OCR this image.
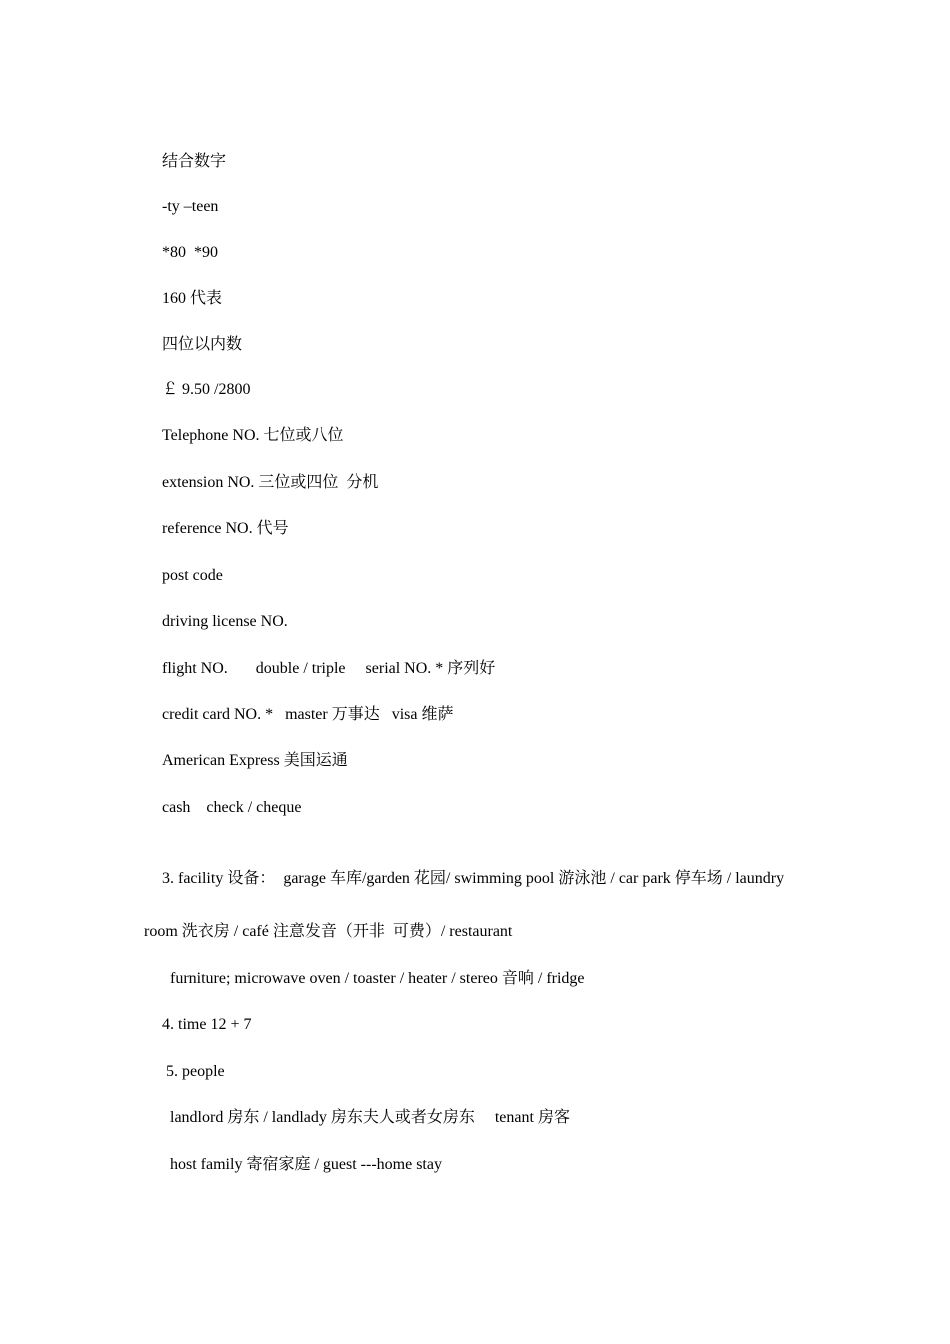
结合数字
-ty –teen
*80  *90
160 代表
四位以内数
￡ 9.50 /2800
Telephone NO. 七位或八位
extension NO. 三位或四位  分机
reference NO. 代号
post code
driving license NO.
flight NO.       double / triple     serial NO. * 序列好
credit card NO. *   master 万事达   visa 维萨
American Express 美国运通
cash    check / cheque
3. facility 设备：  garage 车库/garden 花园/ swimming pool 游泳池 / car park 停车场 / laundry
room 洗衣房 / café 注意发音（开非  可费）/ restaurant
furniture; microwave oven / toaster / heater / stereo 音响 / fridge
4. time 12 + 7
5. people
landlord 房东 / landlady 房东夫人或者女房东     tenant 房客
host family 寄宿家庭 / guest ---home stay
